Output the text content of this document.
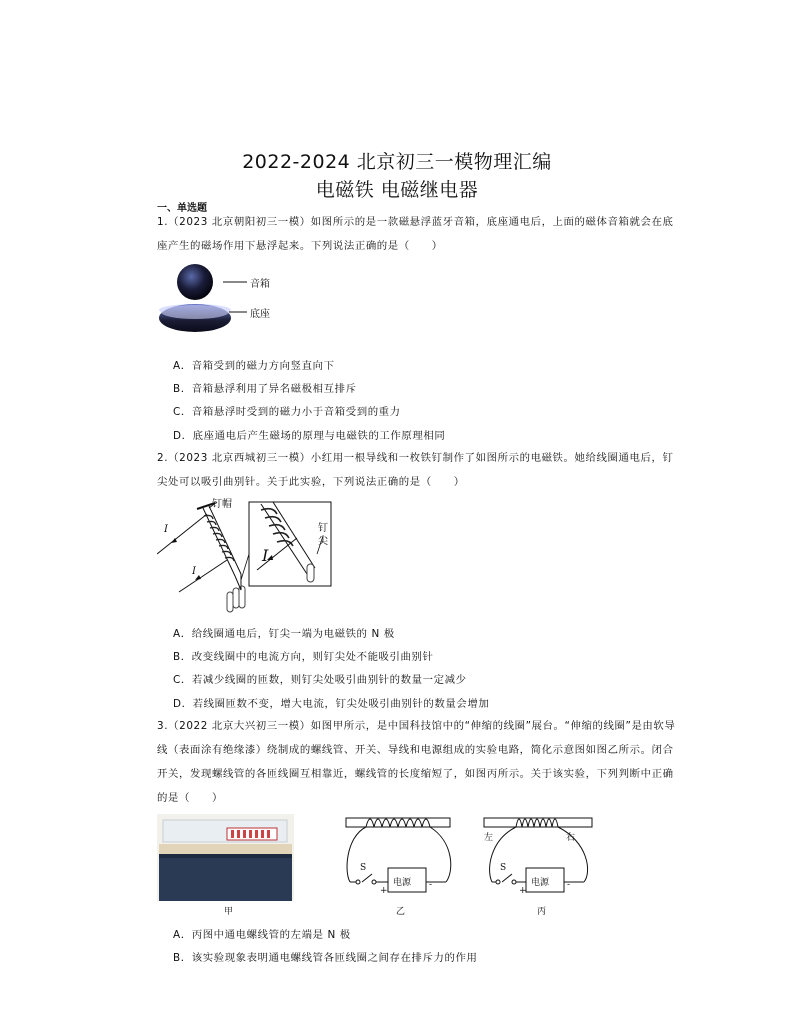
2022-2024 北京初三一模物理汇编
电磁铁 电磁继电器
一、单选题
1.（2023 北京朝阳初三一模）如图所示的是一款磁悬浮蓝牙音箱，底座通电后，上面的磁体音箱就会在底座产生的磁场作用下悬浮起来。下列说法正确的是（　　）
音箱
底座
A．音箱受到的磁力方向竖直向下
B．音箱悬浮利用了异名磁极相互排斥
C．音箱悬浮时受到的磁力小于音箱受到的重力
D．底座通电后产生磁场的原理与电磁铁的工作原理相同
2.（2023 北京西城初三一模）小红用一根导线和一枚铁钉制作了如图所示的电磁铁。她给线圈通电后，钉尖处可以吸引曲别针。关于此实验，下列说法正确的是（　　）
钉帽
钉
尖
I
I
I
A．给线圈通电后，钉尖一端为电磁铁的 N 极
B．改变线圈中的电流方向，则钉尖处不能吸引曲别针
C．若减少线圈的匝数，则钉尖处吸引曲别针的数量一定减少
D．若线圈匝数不变，增大电流，钉尖处吸引曲别针的数量会增加
3.（2022 北京大兴初三一模）如图甲所示，是中国科技馆中的“伸缩的线圈”展台。“伸缩的线圈”是由软导线（表面涂有绝缘漆）绕制成的螺线管、开关、导线和电源组成的实验电路，简化示意图如图乙所示。闭合开关，发现螺线管的各匝线圈互相靠近，螺线管的长度缩短了，如图丙所示。关于该实验，下列判断中正确的是（　　）
甲
S
电源
+
-
乙
左	右
S
电源
+
-
丙
A．丙图中通电螺线管的左端是 N 极
B．该实验现象表明通电螺线管各匝线圈之间存在排斥力的作用
